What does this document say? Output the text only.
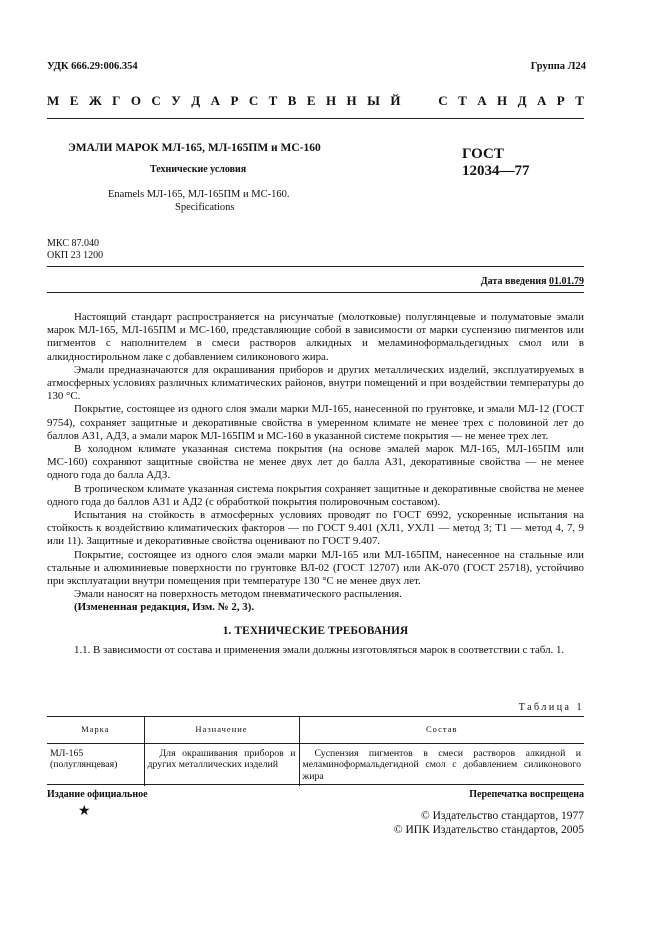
УДК 666.29:006.354	Группа Л24
М Е Ж Г О С У Д А Р С Т В Е Н Н Ы Й

	С Т А Н Д А Р Т
ЭМАЛИ МАРОК МЛ-165, МЛ-165ПМ и МС-160
Технические условия
Enamels МЛ-165, МЛ-165ПМ и МС-160.
Specifications
ГОСТ
12034—77
МКС 87.040
ОКП 23 1200
Дата введения 01.01.79

Настоящий стандарт распространяется на рисунчатые (молотковые) полуглянцевые и полуматовые эмали марок МЛ-165, МЛ-165ПМ и МС-160, представляющие собой в зависимости от марки суспензию пигментов или пигментов с наполнителем в смеси растворов алкидных и меламиноформальдегидных смол или в алкидностирольном лаке с добавлением силиконового жира.

Эмали предназначаются для окрашивания приборов и других металлических изделий, эксплуатируемых в атмосферных условиях различных климатических районов, внутри помещений и при воздействии температуры до 130 °С.

Покрытие, состоящее из одного слоя эмали марки МЛ-165, нанесенной по грунтовке, и эмали МЛ-12 (ГОСТ 9754), сохраняет защитные и декоративные свойства в умеренном климате не менее трех с половиной лет до баллов АЗ1, АДЗ, а эмали марок МЛ-165ПМ и МС-160 в указанной системе покрытия — не менее трех лет.

В холодном климате указанная система покрытия (на основе эмалей марок МЛ-165, МЛ-165ПМ или МС-160) сохраняют защитные свойства не менее двух лет до балла АЗ1, декоративные свойства — не менее одного года до балла АДЗ.

В тропическом климате указанная система покрытия сохраняет защитные и декоративные свойства не менее одного года до баллов АЗ1 и АД2 (с обработкой покрытия полировочным составом).

Испытания на стойкость в атмосферных условиях проводят по ГОСТ 6992, ускоренные испытания на стойкость к воздействию климатических факторов — по ГОСТ 9.401 (ХЛ1, УХЛ1 — метод 3; Т1 — метод 4, 7, 9 или 11). Защитные и декоративные свойства оценивают по ГОСТ 9.407.

Покрытие, состоящее из одного слоя эмали марки МЛ-165 или МЛ-165ПМ, нанесенное на стальные или стальные и алюминиевые поверхности по грунтовке ВЛ-02 (ГОСТ 12707) или АК-070 (ГОСТ 25718), устойчиво при эксплуатации внутри помещения при температуре 130 °С не менее двух лет.

Эмали наносят на поверхность методом пневматического распыления.

(Измененная редакция, Изм. № 2, 3).

1. ТЕХНИЧЕСКИЕ ТРЕБОВАНИЯ

1.1. В зависимости от состава и применения эмали должны изготовляться марок в соответствии с табл. 1.

Таблица 1
Марка	Назначение	Состав
МЛ-165 (полуглянцевая)	Для окрашивания приборов и других металлических изделий	Суспензия пигментов в смеси растворов алкидной и меламиноформальдегидной смол с добавлением силиконового жира
Издание официальное	Перепечатка воспрещена
★	© Издательство стандартов, 1977
© ИПК Издательство стандартов, 2005
